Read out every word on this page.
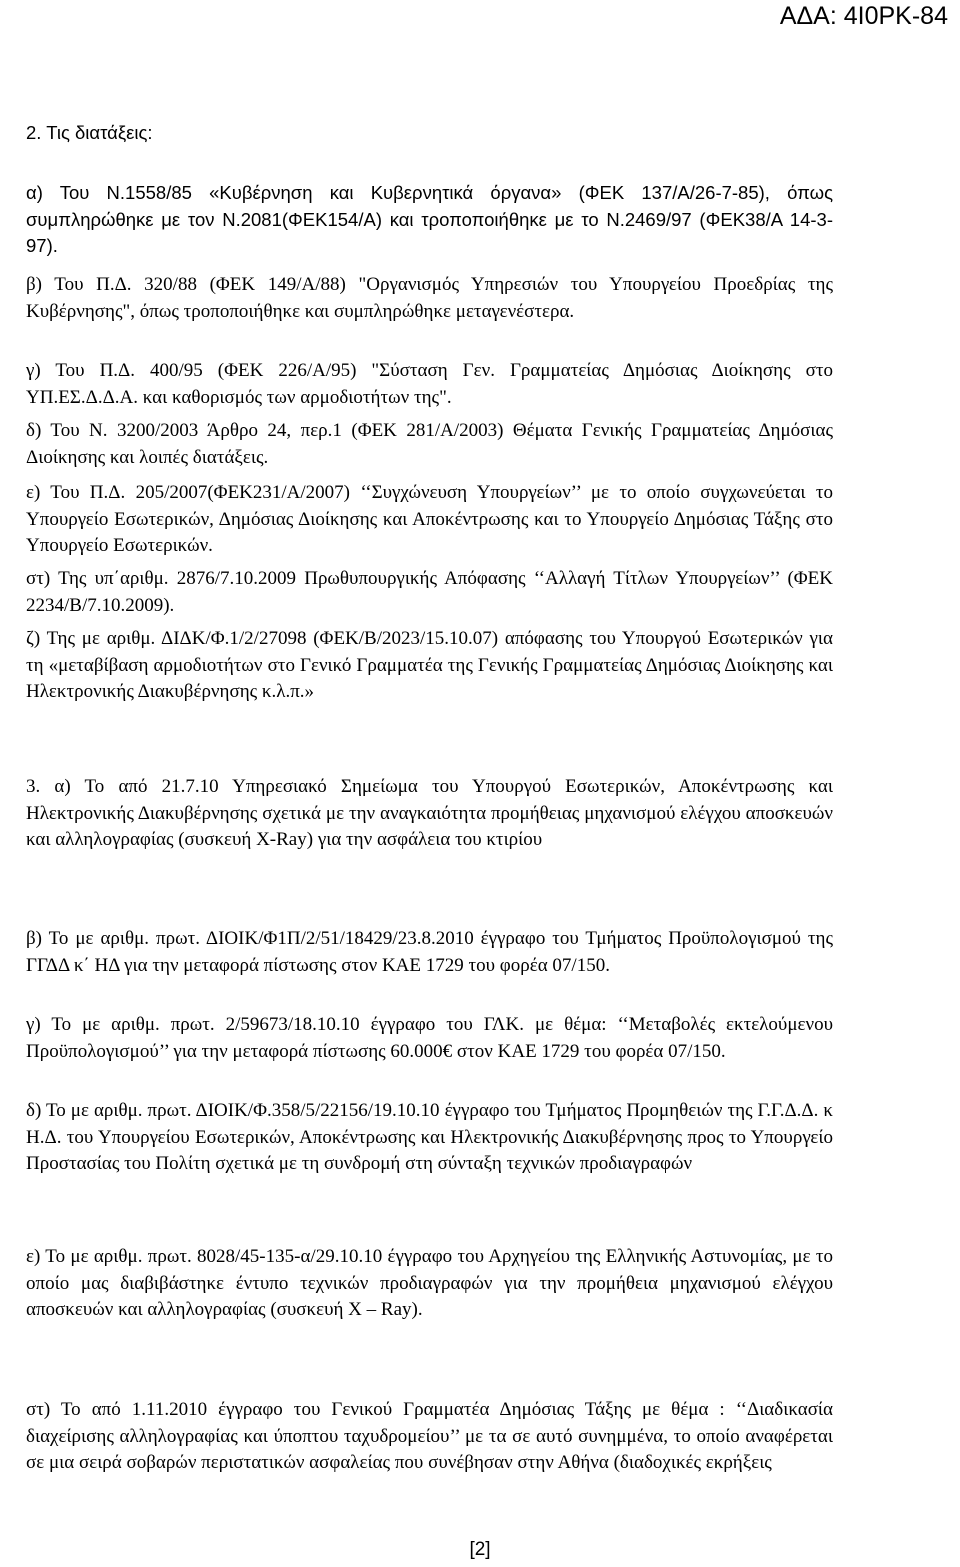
ΑΔΑ: 4Ι0ΡΚ-84

2. Τις διατάξεις:

α) Του Ν.1558/85 «Κυβέρνηση και Κυβερνητικά όργανα» (ΦΕΚ 137/Α/26-7-85), όπως συμπληρώθηκε με τον Ν.2081(ΦΕΚ154/Α) και τροποποιήθηκε με το Ν.2469/97 (ΦΕΚ38/Α 14-3-97).

β) Του Π.Δ. 320/88 (ΦΕΚ 149/Α/88) "Οργανισμός Υπηρεσιών του Υπουργείου Προεδρίας της Κυβέρνησης", όπως τροποποιήθηκε και συμπληρώθηκε μεταγενέστερα.

γ) Του Π.Δ. 400/95 (ΦΕΚ 226/Α/95) "Σύσταση Γεν. Γραμματείας Δημόσιας Διοίκησης στο ΥΠ.ΕΣ.Δ.Δ.Α. και καθορισμός των αρμοδιοτήτων της".

δ) Του Ν. 3200/2003 Άρθρο 24, περ.1 (ΦΕΚ 281/Α/2003) Θέματα Γενικής Γραμματείας Δημόσιας Διοίκησης και λοιπές διατάξεις.

ε) Του Π.Δ. 205/2007(ΦΕΚ231/Α/2007) ‘‘Συγχώνευση Υπουργείων’’ με το οποίο συγχωνεύεται το Υπουργείο Εσωτερικών, Δημόσιας Διοίκησης και Αποκέντρωσης και το Υπουργείο Δημόσιας Τάξης στο Υπουργείο Εσωτερικών.

στ) Της υπ΄αριθμ. 2876/7.10.2009 Πρωθυπουργικής Απόφασης ‘‘Αλλαγή Τίτλων Υπουργείων’’ (ΦΕΚ 2234/Β/7.10.2009).

ζ) Της με αριθμ. ΔΙΔΚ/Φ.1/2/27098 (ΦΕΚ/Β/2023/15.10.07) απόφασης του Υπουργού Εσωτερικών για τη «μεταβίβαση αρμοδιοτήτων στο Γενικό Γραμματέα της Γενικής Γραμματείας Δημόσιας Διοίκησης και Ηλεκτρονικής Διακυβέρνησης κ.λ.π.»

3. α) Το από 21.7.10 Υπηρεσιακό Σημείωμα του Υπουργού Εσωτερικών, Αποκέντρωσης και Ηλεκτρονικής Διακυβέρνησης σχετικά με την αναγκαιότητα προμήθειας μηχανισμού ελέγχου αποσκευών και αλληλογραφίας (συσκευή X-Ray) για την ασφάλεια του κτιρίου

β) Το με αριθμ. πρωτ. ΔΙΟΙΚ/Φ1Π/2/51/18429/23.8.2010 έγγραφο του Τμήματος Προϋπολογισμού της ΓΓΔΔ κ΄ ΗΔ για την μεταφορά πίστωσης στον ΚΑΕ 1729 του φορέα 07/150.

γ) Το με αριθμ. πρωτ. 2/59673/18.10.10 έγγραφο του ΓΛΚ. με θέμα: ‘‘Μεταβολές εκτελούμενου Προϋπολογισμού’’ για την μεταφορά πίστωσης 60.000€ στον ΚΑΕ 1729 του φορέα 07/150.

δ) Το με αριθμ. πρωτ. ΔΙΟΙΚ/Φ.358/5/22156/19.10.10 έγγραφο του Τμήματος Προμηθειών της Γ.Γ.Δ.Δ. κ Η.Δ. του Υπουργείου Εσωτερικών, Αποκέντρωσης και Ηλεκτρονικής Διακυβέρνησης προς το Υπουργείο Προστασίας του Πολίτη σχετικά με τη συνδρομή στη σύνταξη τεχνικών προδιαγραφών

ε) Το με αριθμ. πρωτ. 8028/45-135-α/29.10.10 έγγραφο του Αρχηγείου της Ελληνικής Αστυνομίας, με το οποίο μας διαβιβάστηκε έντυπο τεχνικών προδιαγραφών για την προμήθεια μηχανισμού ελέγχου αποσκευών και αλληλογραφίας (συσκευή Χ – Ray).

στ) Το από 1.11.2010 έγγραφο του Γενικού Γραμματέα Δημόσιας Τάξης με θέμα : ‘‘Διαδικασία διαχείρισης αλληλογραφίας και ύποπτου ταχυδρομείου’’ με τα σε αυτό συνημμένα, το οποίο αναφέρεται σε μια σειρά σοβαρών περιστατικών ασφαλείας που συνέβησαν στην Αθήνα (διαδοχικές εκρήξεις

[2]
